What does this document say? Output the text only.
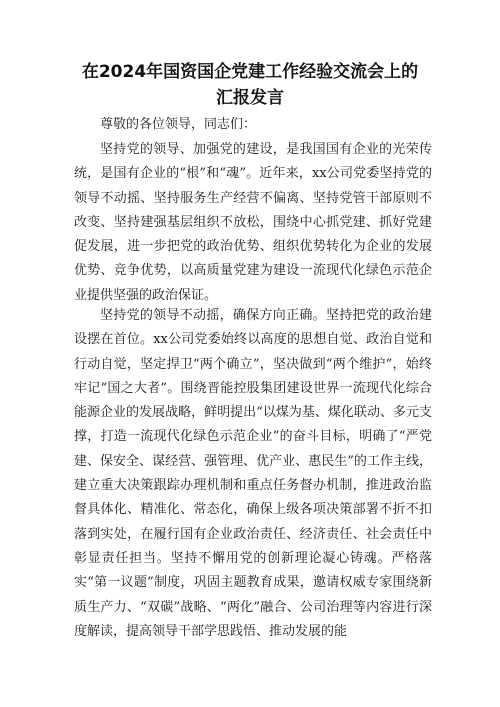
在2024年国资国企党建工作经验交流会上的
汇报发言

尊敬的各位领导，同志们：

坚持党的领导、加强党的建设，是我国国有企业的光荣传统，是国有企业的“根”和“魂”。近年来，xx公司党委坚持党的领导不动摇、坚持服务生产经营不偏离、坚持党管干部原则不改变、坚持建强基层组织不放松，围绕中心抓党建、抓好党建促发展，进一步把党的政治优势、组织优势转化为企业的发展优势、竞争优势，以高质量党建为建设一流现代化绿色示范企业提供坚强的政治保证。

坚持党的领导不动摇，确保方向正确。坚持把党的政治建设摆在首位。xx公司党委始终以高度的思想自觉、政治自觉和行动自觉，坚定捍卫“两个确立”，坚决做到“两个维护”，始终牢记“国之大者”。围绕晋能控股集团建设世界一流现代化综合能源企业的发展战略，鲜明提出“以煤为基、煤化联动、多元支撑，打造一流现代化绿色示范企业”的奋斗目标，明确了“严党建、保安全、谋经营、强管理、优产业、惠民生”的工作主线，建立重大决策跟踪办理机制和重点任务督办机制，推进政治监督具体化、精准化、常态化，确保上级各项决策部署不折不扣落到实处，在履行国有企业政治责任、经济责任、社会责任中彰显责任担当。坚持不懈用党的创新理论凝心铸魂。严格落实“第一议题”制度，巩固主题教育成果，邀请权威专家围绕新质生产力、“双碳”战略、“两化”融合、公司治理等内容进行深度解读，提高领导干部学思践悟、推动发展的能
